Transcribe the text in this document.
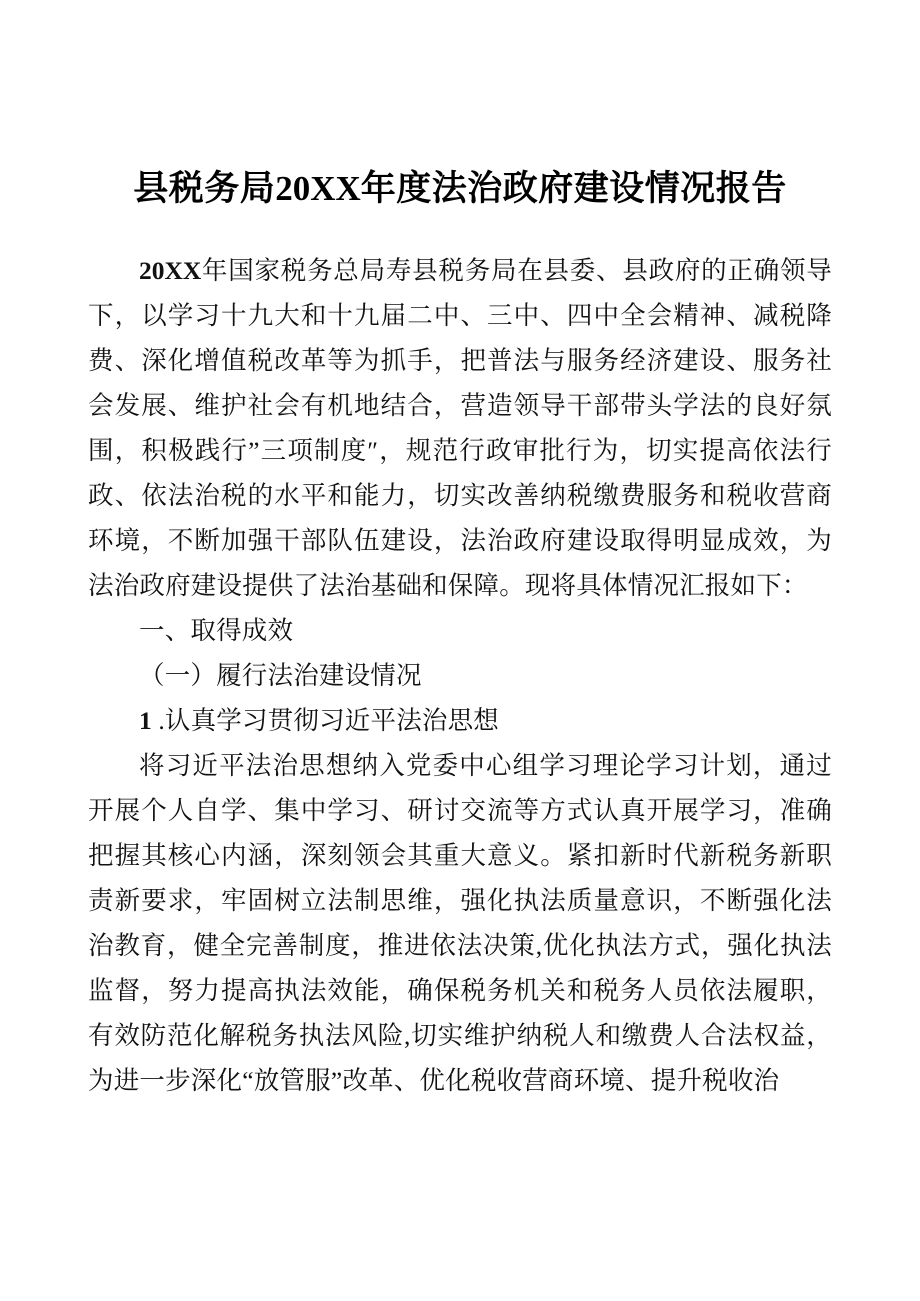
县税务局20XX年度法治政府建设情况报告

20XX年国家税务总局寿县税务局在县委、县政府的正确领导下，以学习十九大和十九届二中、三中、四中全会精神、减税降费、深化增值税改革等为抓手，把普法与服务经济建设、服务社会发展、维护社会有机地结合，营造领导干部带头学法的良好氛围，积极践行”三项制度″，规范行政审批行为，切实提高依法行政、依法治税的水平和能力，切实改善纳税缴费服务和税收营商环境，不断加强干部队伍建设，法治政府建设取得明显成效，为法治政府建设提供了法治基础和保障。现将具体情况汇报如下：

一、取得成效

（一）履行法治建设情况

1 .认真学习贯彻习近平法治思想

将习近平法治思想纳入党委中心组学习理论学习计划，通过开展个人自学、集中学习、研讨交流等方式认真开展学习，准确把握其核心内涵，深刻领会其重大意义。紧扣新时代新税务新职责新要求，牢固树立法制思维，强化执法质量意识，不断强化法治教育，健全完善制度，推进依法决策,优化执法方式，强化执法监督，努力提高执法效能，确保税务机关和税务人员依法履职，有效防范化解税务执法风险,切实维护纳税人和缴费人合法权益，为进一步深化“放管服”改革、优化税收营商环境、提升税收治
